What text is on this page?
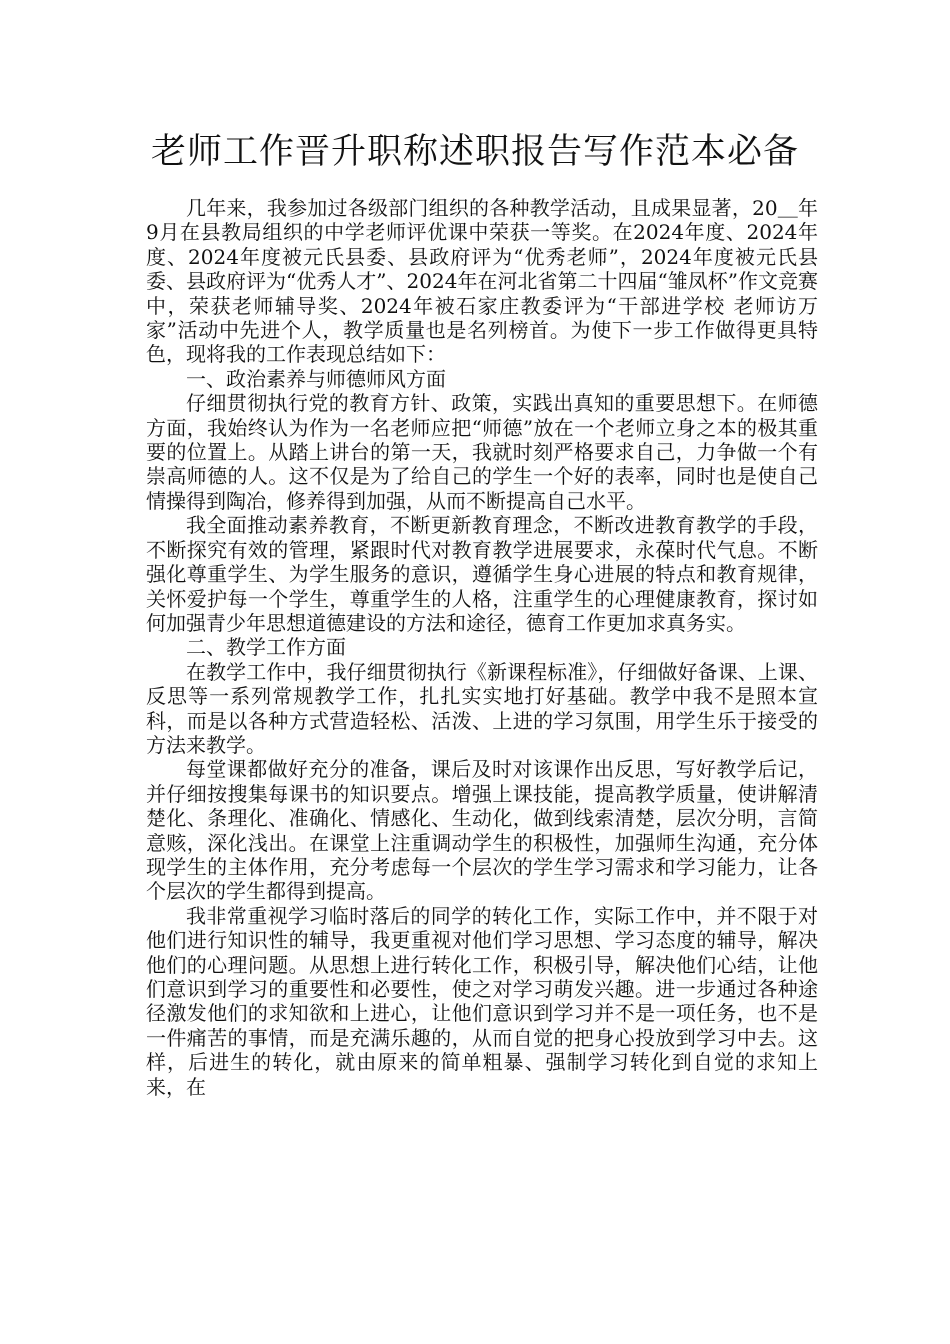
老师工作晋升职称述职报告写作范本必备

几年来，我参加过各级部门组织的各种教学活动，且成果显著，20＿年9月在县教局组织的中学老师评优课中荣获一等奖。在2024年度、2024年度、2024年度被元氏县委、县政府评为“优秀老师”，2024年度被元氏县委、县政府评为“优秀人才”、2024年在河北省第二十四届“雏凤杯”作文竞赛中，荣获老师辅导奖、2024年被石家庄教委评为“干部进学校 老师访万家”活动中先进个人，教学质量也是名列榜首。为使下一步工作做得更具特色，现将我的工作表现总结如下：

一、政治素养与师德师风方面

仔细贯彻执行党的教育方针、政策，实践出真知的重要思想下。在师德方面，我始终认为作为一名老师应把“师德”放在一个老师立身之本的极其重要的位置上。从踏上讲台的第一天，我就时刻严格要求自己，力争做一个有崇高师德的人。这不仅是为了给自己的学生一个好的表率，同时也是使自己情操得到陶冶，修养得到加强，从而不断提高自己水平。

我全面推动素养教育，不断更新教育理念，不断改进教育教学的手段，不断探究有效的管理，紧跟时代对教育教学进展要求，永葆时代气息。不断强化尊重学生、为学生服务的意识，遵循学生身心进展的特点和教育规律，关怀爱护每一个学生，尊重学生的人格，注重学生的心理健康教育，探讨如何加强青少年思想道德建设的方法和途径，德育工作更加求真务实。

二、教学工作方面

在教学工作中，我仔细贯彻执行《新课程标准》，仔细做好备课、上课、反思等一系列常规教学工作，扎扎实实地打好基础。教学中我不是照本宣科，而是以各种方式营造轻松、活泼、上进的学习氛围，用学生乐于接受的方法来教学。

每堂课都做好充分的准备，课后及时对该课作出反思，写好教学后记，并仔细按搜集每课书的知识要点。增强上课技能，提高教学质量，使讲解清楚化、条理化、准确化、情感化、生动化，做到线索清楚，层次分明，言简意赅，深化浅出。在课堂上注重调动学生的积极性，加强师生沟通，充分体现学生的主体作用，充分考虑每一个层次的学生学习需求和学习能力，让各个层次的学生都得到提高。

我非常重视学习临时落后的同学的转化工作，实际工作中，并不限于对他们进行知识性的辅导，我更重视对他们学习思想、学习态度的辅导，解决他们的心理问题。从思想上进行转化工作，积极引导，解决他们心结，让他们意识到学习的重要性和必要性，使之对学习萌发兴趣。进一步通过各种途径激发他们的求知欲和上进心，让他们意识到学习并不是一项任务，也不是一件痛苦的事情，而是充满乐趣的，从而自觉的把身心投放到学习中去。这样，后进生的转化，就由原来的简单粗暴、强制学习转化到自觉的求知上来，在
